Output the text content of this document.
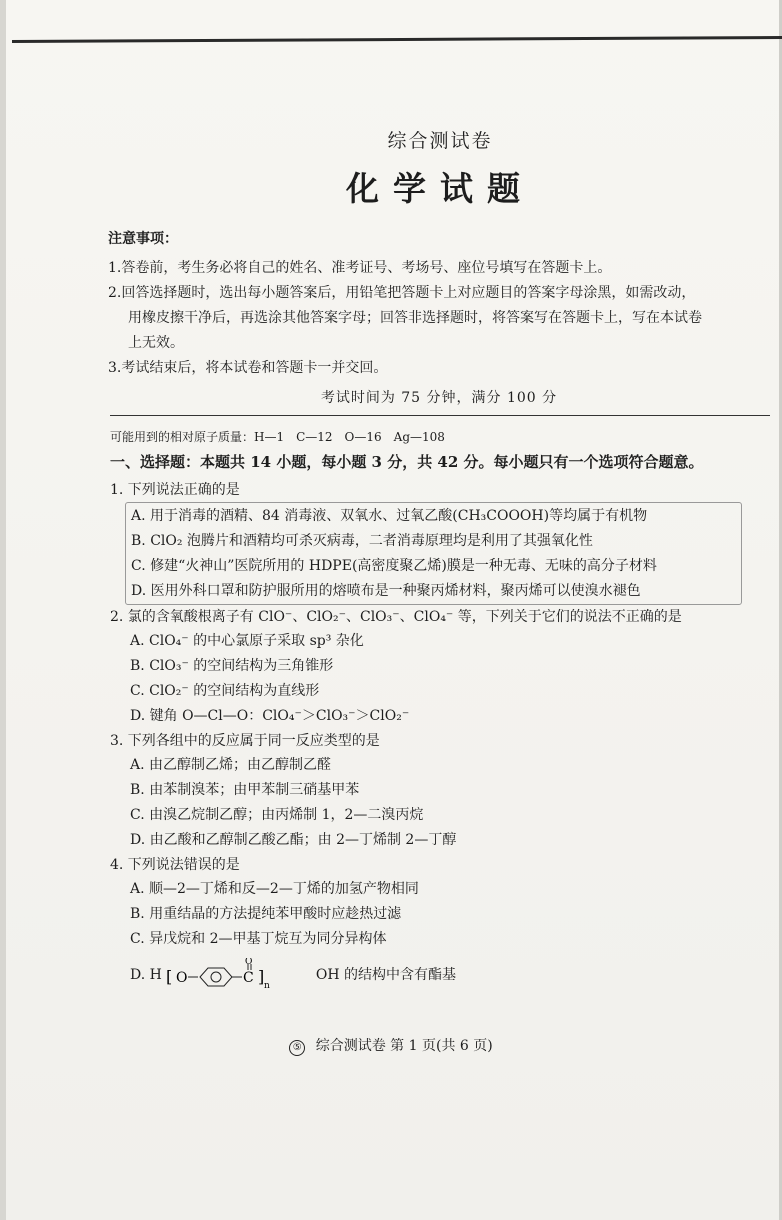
综合测试卷

化学试题

注意事项：

1.答卷前，考生务必将自己的姓名、准考证号、考场号、座位号填写在答题卡上。

2.回答选择题时，选出每小题答案后，用铅笔把答题卡上对应题目的答案字母涂黑，如需改动，

用橡皮擦干净后，再选涂其他答案字母；回答非选择题时，将答案写在答题卡上，写在本试卷

上无效。

3.考试结束后，将本试卷和答题卡一并交回。

考试时间为 75 分钟，满分 100 分

可能用到的相对原子质量：H—1　C—12　O—16　Ag—108

一、选择题：本题共 14 小题，每小题 3 分，共 42 分。每小题只有一个选项符合题意。

1. 下列说法正确的是

A. 用于消毒的酒精、84 消毒液、双氧水、过氧乙酸(CH₃COOOH)等均属于有机物

B. ClO₂ 泡腾片和酒精均可杀灭病毒，二者消毒原理均是利用了其强氧化性

C. 修建“火神山”医院所用的 HDPE(高密度聚乙烯)膜是一种无毒、无味的高分子材料

D. 医用外科口罩和防护服所用的熔喷布是一种聚丙烯材料，聚丙烯可以使溴水褪色

2. 氯的含氧酸根离子有 ClO⁻、ClO₂⁻、ClO₃⁻、ClO₄⁻ 等，下列关于它们的说法不正确的是

A. ClO₄⁻ 的中心氯原子采取 sp³ 杂化

B. ClO₃⁻ 的空间结构为三角锥形

C. ClO₂⁻ 的空间结构为直线形

D. 键角 O—Cl—O：ClO₄⁻＞ClO₃⁻＞ClO₂⁻

3. 下列各组中的反应属于同一反应类型的是

A. 由乙醇制乙烯；由乙醇制乙醛

B. 由苯制溴苯；由甲苯制三硝基甲苯

C. 由溴乙烷制乙醇；由丙烯制 1，2—二溴丙烷

D. 由乙酸和乙醇制乙酸乙酯；由 2—丁烯制 2—丁醇

4. 下列说法错误的是

A. 顺—2—丁烯和反—2—丁烯的加氢产物相同

B. 用重结晶的方法提纯苯甲酸时应趁热过滤

C. 异戊烷和 2—甲基丁烷互为同分异构体

D. H [ O	C
O
] n
OH 的结构中含有酯基

⑤ 综合测试卷 第 1 页(共 6 页)
